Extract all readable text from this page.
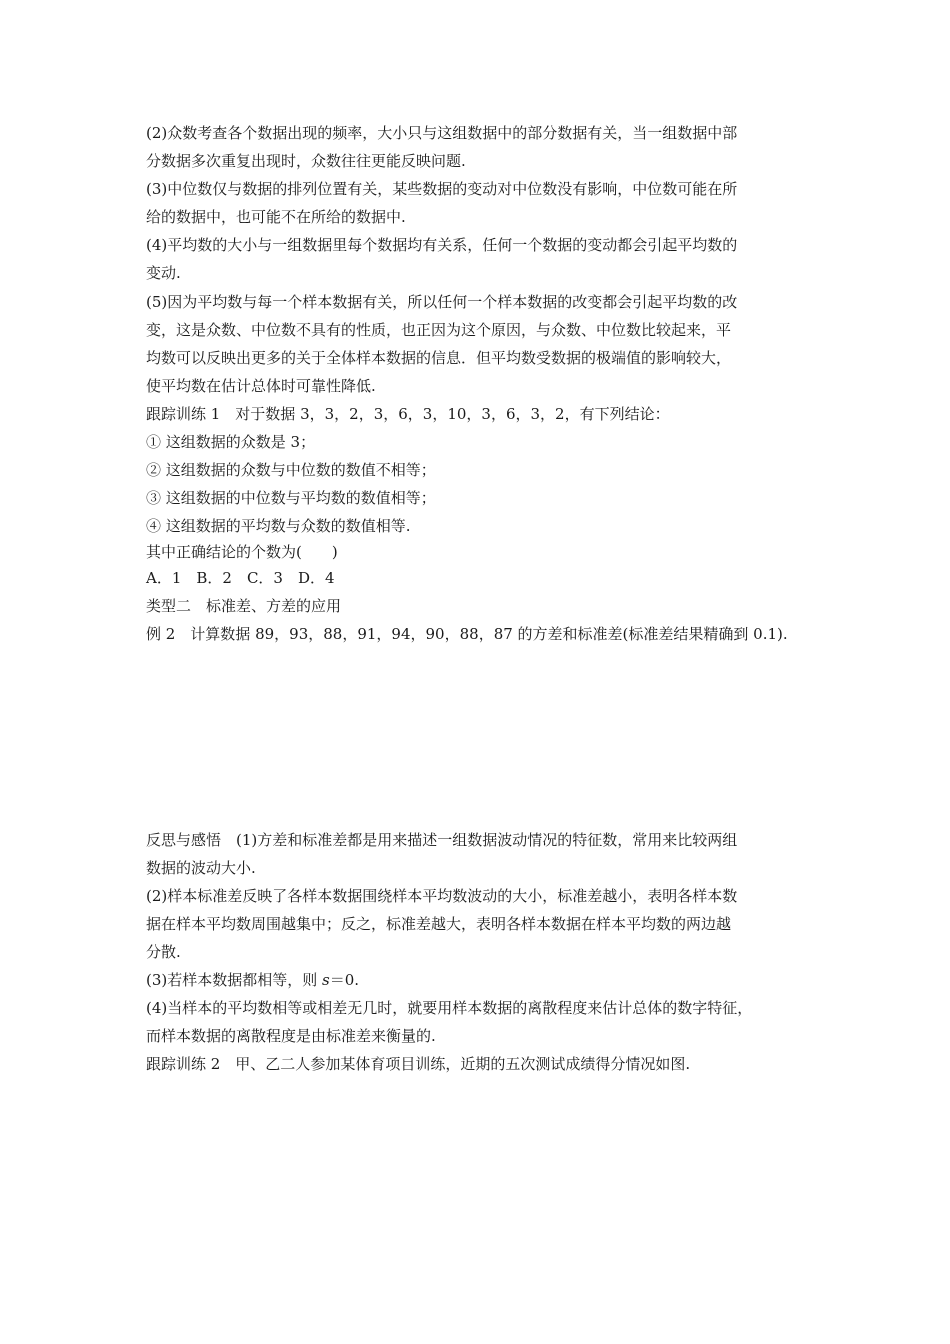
(2)众数考查各个数据出现的频率，大小只与这组数据中的部分数据有关，当一组数据中部
分数据多次重复出现时，众数往往更能反映问题.
(3)中位数仅与数据的排列位置有关，某些数据的变动对中位数没有影响，中位数可能在所
给的数据中，也可能不在所给的数据中.
(4)平均数的大小与一组数据里每个数据均有关系，任何一个数据的变动都会引起平均数的
变动.
(5)因为平均数与每一个样本数据有关，所以任何一个样本数据的改变都会引起平均数的改
变，这是众数、中位数不具有的性质，也正因为这个原因，与众数、中位数比较起来，平
均数可以反映出更多的关于全体样本数据的信息．但平均数受数据的极端值的影响较大，
使平均数在估计总体时可靠性降低.
跟踪训练 1　对于数据 3，3，2，3，6，3，10，3，6，3，2，有下列结论：
① 这组数据的众数是 3；
② 这组数据的众数与中位数的数值不相等；
③ 这组数据的中位数与平均数的数值相等；
④ 这组数据的平均数与众数的数值相等.
其中正确结论的个数为(　　)
A．1　B．2　C．3　D．4
类型二　标准差、方差的应用
例 2　计算数据 89，93，88，91，94，90，88，87 的方差和标准差(标准差结果精确到 0.1).
反思与感悟　(1)方差和标准差都是用来描述一组数据波动情况的特征数，常用来比较两组
数据的波动大小.
(2)样本标准差反映了各样本数据围绕样本平均数波动的大小，标准差越小，表明各样本数
据在样本平均数周围越集中；反之，标准差越大，表明各样本数据在样本平均数的两边越
分散.
(3)若样本数据都相等，则 s＝0.
(4)当样本的平均数相等或相差无几时，就要用样本数据的离散程度来估计总体的数字特征，
而样本数据的离散程度是由标准差来衡量的.
跟踪训练 2　甲、乙二人参加某体育项目训练，近期的五次测试成绩得分情况如图.
